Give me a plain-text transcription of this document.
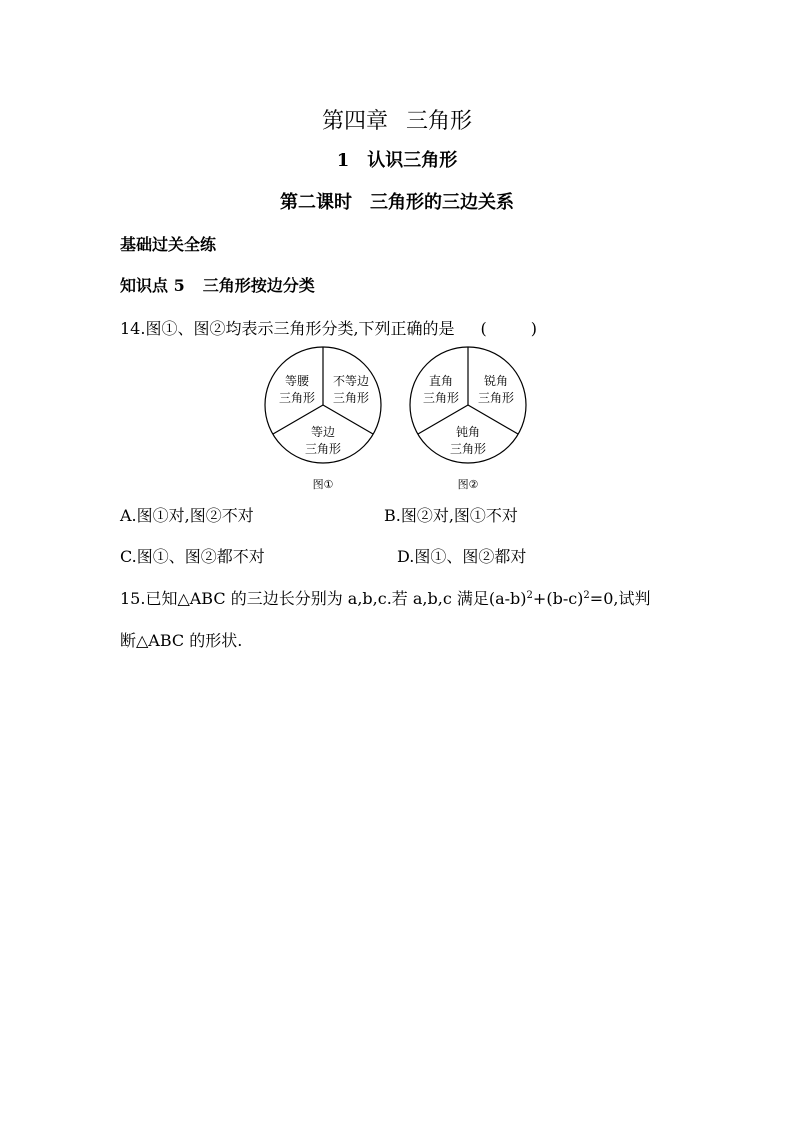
第四章 三角形
1 认识三角形
第二课时 三角形的三边关系
基础过关全练
知识点 5 三角形按边分类
14.图①、图②均表示三角形分类,下列正确的是 (	)
等腰
三角形
不等边
三角形
等边
三角形
图①
直角
三角形
锐角
三角形
钝角
三角形
图②
A.图①对,图②不对	B.图②对,图①不对
C.图①、图②都不对	D.图①、图②都对
15.已知△ABC 的三边长分别为 a,b,c.若 a,b,c 满足$(a-b)^2+(b-c)^2=0$,试判
断△ABC 的形状.
